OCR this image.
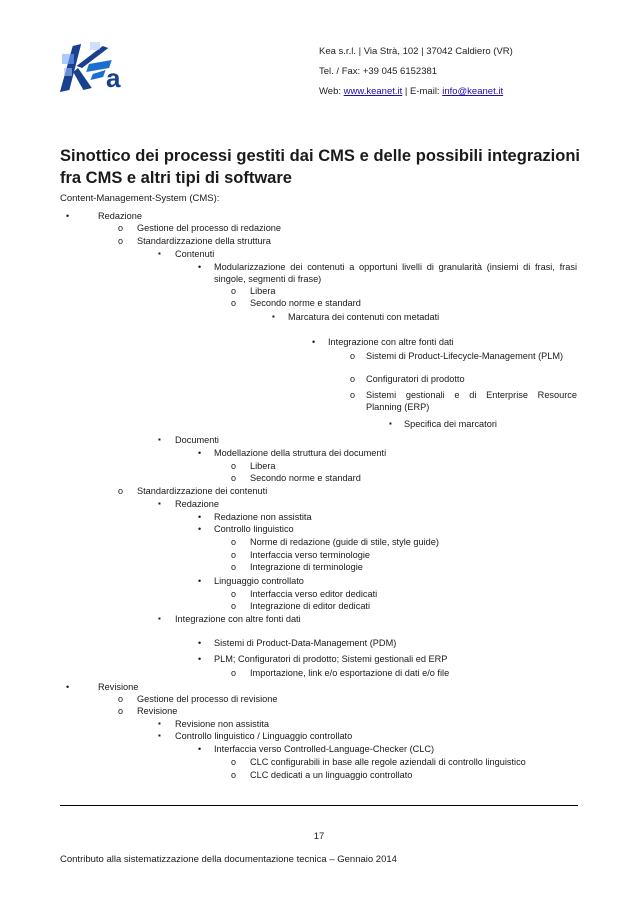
a
Kea s.r.l. | Via Strà, 102 | 37042 Caldiero (VR)
Tel. / Fax: +39 045 6152381
Web: www.keanet.it | E-mail: info@keanet.it
Sinottico dei processi gestiti dai CMS e delle possibili integrazioni fra CMS e altri tipi di software
Content-Management-System (CMS):
•	Redazione
o Gestione del processo di redazione
o Standardizzazione della struttura
▪ Contenuti
• Modularizzazione dei contenuti a opportuni livelli di granularità (insiemi di frasi, frasi singole, segmenti di frase)
o Libera
o Secondo norme e standard
▪ Marcatura dei contenuti con metadati
• Integrazione con altre fonti dati
o Sistemi di Product-Lifecycle-Management (PLM)
o Configuratori di prodotto
o Sistemi gestionali e di Enterprise Resource Planning (ERP)
▪ Specifica dei marcatori
▪ Documenti
• Modellazione della struttura dei documenti
o Libera
o Secondo norme e standard
o Standardizzazione dei contenuti
▪ Redazione
• Redazione non assistita
• Controllo linguistico
o Norme di redazione (guide di stile, style guide)
o Interfaccia verso terminologie
o Integrazione di terminologie
• Linguaggio controllato
o Interfaccia verso editor dedicati
o Integrazione di editor dedicati
▪ Integrazione con altre fonti dati
• Sistemi di Product-Data-Management (PDM)
• PLM; Configuratori di prodotto; Sistemi gestionali ed ERP
o Importazione, link e/o esportazione di dati e/o file
•	Revisione
o Gestione del processo di revisione
o Revisione
▪ Revisione non assistita
▪ Controllo linguistico / Linguaggio controllato
• Interfaccia verso Controlled-Language-Checker (CLC)
o CLC configurabili in base alle regole aziendali di controllo linguistico
o CLC dedicati a un linguaggio controllato
17
Contributo alla sistematizzazione della documentazione tecnica – Gennaio 2014
